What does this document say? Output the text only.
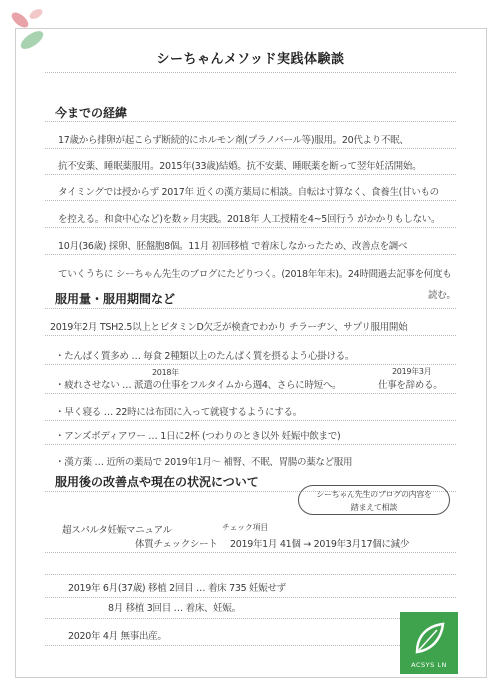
シーちゃんメソッド実践体験談
今までの経緯
17歳から排卵が起こらず断続的にホルモン剤(プラノバール等)服用。20代より不眠、
抗不安薬、睡眠薬服用。2015年(33歳)結婚。抗不安薬、睡眠薬を断って翌年妊活開始。
タイミングでは授からず 2017年 近くの漢方薬局に相談。自転は寸算なく、食養生(甘いもの
を控える。和食中心など)を数ヶ月実践。2018年 人工授精を4~5回行う がかかりもしない。
10月(36歳) 採卵、胚盤胞8個。11月 初回移植 で着床しなかったため、改善点を調べ
ていくうちに シーちゃん先生のブログにたどりつく。(2018年年末)。24時間過去記事を何度も
読む。
服用量・服用期間など
2019年2月 TSH2.5以上とビタミンD欠乏が検査でわかり チラーヂン、サプリ服用開始
・たんぱく質多め … 毎食 2種類以上のたんぱく質を摂るよう心掛ける。
2018年	2019年3月
・疲れさせない … 派遣の仕事をフルタイムから週4、さらに時短へ。	仕事を辞める。
・早く寝る … 22時には布団に入って就寝するようにする。
・アンズボディアワー … 1日に2杯 (つわりのとき以外 妊娠中飲まで)
・漢方薬 … 近所の薬局で 2019年1月～ 補腎、不眠、胃腸の薬など服用
服用後の改善点や現在の状況について
シーちゃん先生のブログの内容を
踏まえて相談
超スパルタ妊娠マニュアル	チェック項目
体質チェックシート 2019年1月 41個 → 2019年3月17個に減少
2019年 6月(37歳) 移植 2回目 … 着床 735 妊娠せず
8月 移植 3回目 … 着床、妊娠。
2020年 4月 無事出産。
ACSYS LN
